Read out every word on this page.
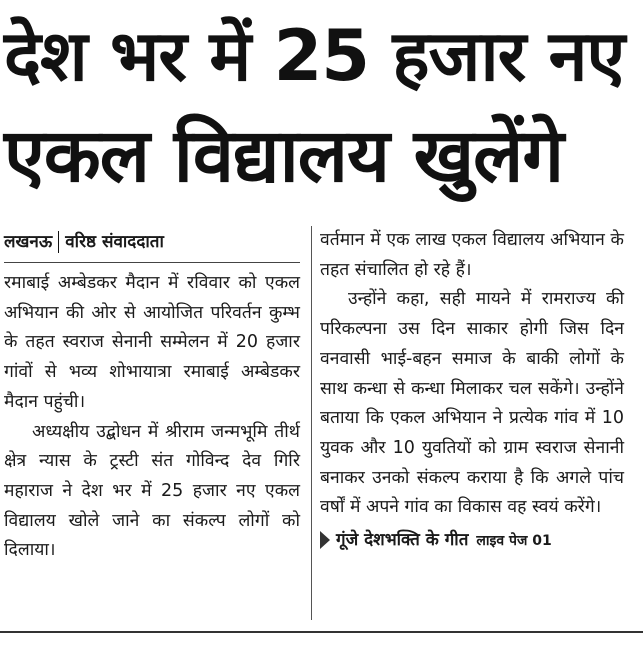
देश भर में 25 हजार नए
एकल विद्यालय खुलेंगे
लखनऊ वरिष्ठ संवाददाता

रमाबाई अम्बेडकर मैदान में रविवार को एकल अभियान की ओर से आयोजित परिवर्तन कुम्भ के तहत स्वराज सेनानी सम्मेलन में 20 हजार गांवों से भव्य शोभायात्रा रमाबाई अम्बेडकर मैदान पहुंची।

अध्यक्षीय उद्बोधन में श्रीराम जन्मभूमि तीर्थ क्षेत्र न्यास के ट्रस्टी संत गोविन्द देव गिरि महाराज ने देश भर में 25 हजार नए एकल विद्यालय खोले जाने का संकल्प लोगों को दिलाया।

वर्तमान में एक लाख एकल विद्यालय अभियान के तहत संचालित हो रहे हैं।

उन्होंने कहा, सही मायने में रामराज्य की परिकल्पना उस दिन साकार होगी जिस दिन वनवासी भाई-बहन समाज के बाकी लोगों के साथ कन्धा से कन्धा मिलाकर चल सकेंगे। उन्होंने बताया कि एकल अभियान ने प्रत्येक गांव में 10 युवक और 10 युवतियों को ग्राम स्वराज सेनानी बनाकर उनको संकल्प कराया है कि अगले पांच वर्षों में अपने गांव का विकास वह स्वयं करेंगे।

गूंजे देशभक्ति के गीत लाइव पेज 01
